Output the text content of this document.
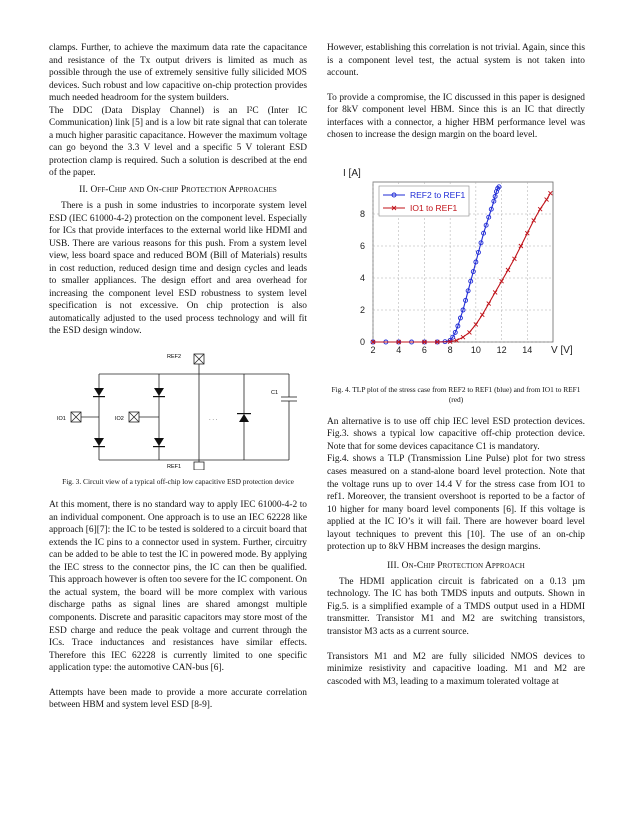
clamps. Further, to achieve the maximum data rate the capacitance and resistance of the Tx output drivers is limited as much as possible through the use of extremely sensitive fully silicided MOS devices. Such robust and low capacitive on-chip protection provides much needed headroom for the system builders.

The DDC (Data Display Channel) is an I²C (Inter IC Communication) link [5] and is a low bit rate signal that can tolerate a much higher parasitic capacitance. However the maximum voltage can go beyond the 3.3 V level and a specific 5 V tolerant ESD protection clamp is required. Such a solution is described at the end of the paper.

II. Off-Chip and On-chip Protection Approaches

There is a push in some industries to incorporate system level ESD (IEC 61000-4-2) protection on the component level. Especially for ICs that provide interfaces to the external world like HDMI and USB. There are various reasons for this push. From a system level view, less board space and reduced BOM (Bill of Materials) results in cost reduction, reduced design time and design cycles and leads to smaller appliances. The design effort and area overhead for increasing the component level ESD robustness to system level specification is not excessive. On chip protection is also automatically adjusted to the used process technology and will fit the ESD design window.

REF2
REF1
IO1	IO2	. . .
C1
Fig. 3. Circuit view of a typical off-chip low capacitive ESD protection device

At this moment, there is no standard way to apply IEC 61000-4-2 to an individual component. One approach is to use an IEC 62228 like approach [6][7]: the IC to be tested is soldered to a circuit board that extends the IC pins to a connector used in system. Further, circuitry can be added to be able to test the IC in powered mode. By applying the IEC stress to the connector pins, the IC can then be qualified. This approach however is often too severe for the IC component. On the actual system, the board will be more complex with various discharge paths as signal lines are shared amongst multiple components. Discrete and parasitic capacitors may store most of the ESD charge and reduce the peak voltage and current through the ICs. Trace inductances and resistances have similar effects. Therefore this IEC 62228 is currently limited to one specific application type: the automotive CAN-bus [6].

Attempts have been made to provide a more accurate correlation between HBM and system level ESD [8-9].

However, establishing this correlation is not trivial. Again, since this is a component level test, the actual system is not taken into account.

To provide a compromise, the IC discussed in this paper is designed for 8kV component level HBM. Since this is an IC that directly interfaces with a connector, a higher HBM performance level was chosen to increase the design margin on the board level.

2 4 6 8 10 12 14
0
2
4
6
8
I [A]
V [V]
REF2 to REF1
IO1 to REF1
Fig. 4. TLP plot of the stress case from REF2 to REF1 (blue) and from IO1 to REF1 (red)

An alternative is to use off chip IEC level ESD protection devices. Fig.3. shows a typical low capacitive off-chip protection device. Note that for some devices capacitance C1 is mandatory.

Fig.4. shows a TLP (Transmission Line Pulse) plot for two stress cases measured on a stand-alone board level protection. Note that the voltage runs up to over 14.4 V for the stress case from IO1 to ref1. Moreover, the transient overshoot is reported to be a factor of 10 higher for many board level components [6]. If this voltage is applied at the IC IO’s it will fail. There are however board level layout techniques to prevent this [10]. The use of an on-chip protection up to 8kV HBM increases the design margins.

III. On-Chip Protection Approach

The HDMI application circuit is fabricated on a 0.13 µm technology. The IC has both TMDS inputs and outputs. Shown in Fig.5. is a simplified example of a TMDS output used in a HDMI transmitter. Transistor M1 and M2 are switching transistors, transistor M3 acts as a current source.

Transistors M1 and M2 are fully silicided NMOS devices to minimize resistivity and capacitive loading. M1 and M2 are cascoded with M3, leading to a maximum tolerated voltage at
